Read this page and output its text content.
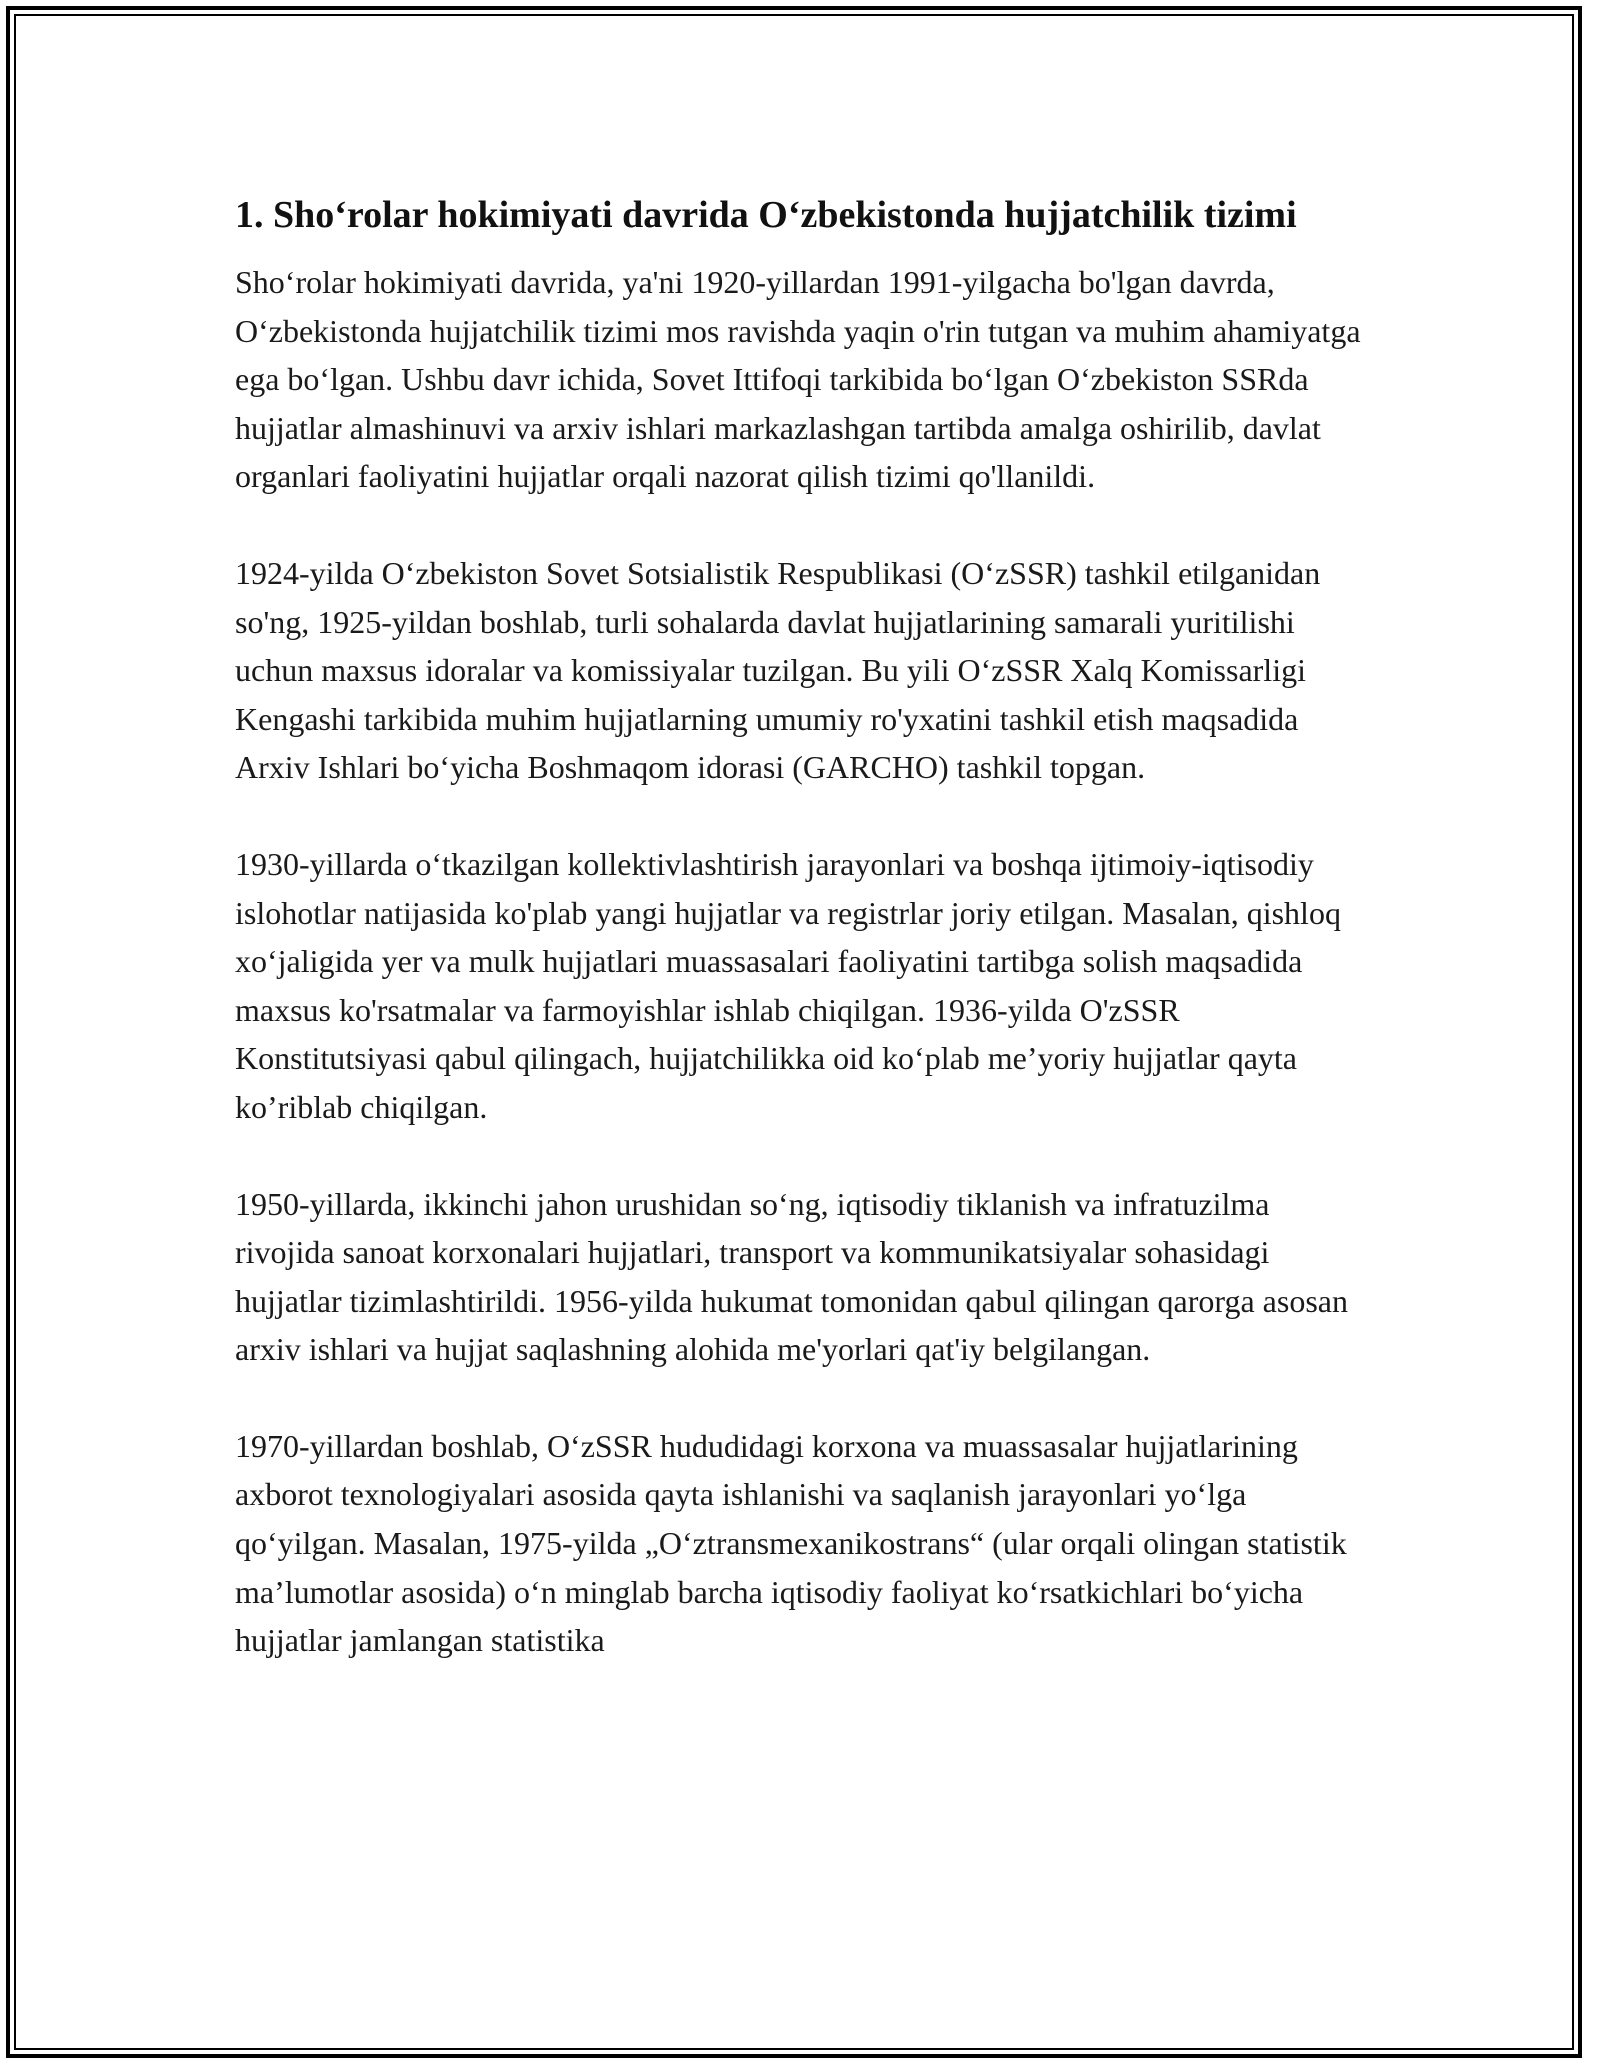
1. Sho‘rolar hokimiyati davrida O‘zbekistonda hujjatchilik tizimi

Sho‘rolar hokimiyati davrida, ya'ni 1920-yillardan 1991-yilgacha bo'lgan davrda, O‘zbekistonda hujjatchilik tizimi mos ravishda yaqin o'rin tutgan va muhim ahamiyatga ega bo‘lgan. Ushbu davr ichida, Sovet Ittifoqi tarkibida bo‘lgan O‘zbekiston SSRda hujjatlar almashinuvi va arxiv ishlari markazlashgan tartibda amalga oshirilib, davlat organlari faoliyatini hujjatlar orqali nazorat qilish tizimi qo'llanildi.

1924-yilda O‘zbekiston Sovet Sotsialistik Respublikasi (O‘zSSR) tashkil etilganidan so'ng, 1925-yildan boshlab, turli sohalarda davlat hujjatlarining samarali yuritilishi uchun maxsus idoralar va komissiyalar tuzilgan. Bu yili O‘zSSR Xalq Komissarligi Kengashi tarkibida muhim hujjatlarning umumiy ro'yxatini tashkil etish maqsadida Arxiv Ishlari bo‘yicha Boshmaqom idorasi (GARCHO) tashkil topgan.

1930-yillarda o‘tkazilgan kollektivlashtirish jarayonlari va boshqa ijtimoiy-iqtisodiy islohotlar natijasida ko'plab yangi hujjatlar va registrlar joriy etilgan. Masalan, qishloq xo‘jaligida yer va mulk hujjatlari muassasalari faoliyatini tartibga solish maqsadida maxsus ko'rsatmalar va farmoyishlar ishlab chiqilgan. 1936-yilda O'zSSR Konstitutsiyasi qabul qilingach, hujjatchilikka oid ko‘plab me’yoriy hujjatlar qayta ko’riblab chiqilgan.

1950-yillarda, ikkinchi jahon urushidan so‘ng, iqtisodiy tiklanish va infratuzilma rivojida sanoat korxonalari hujjatlari, transport va kommunikatsiyalar sohasidagi hujjatlar tizimlashtirildi. 1956-yilda hukumat tomonidan qabul qilingan qarorga asosan arxiv ishlari va hujjat saqlashning alohida me'yorlari qat'iy belgilangan.

1970-yillardan boshlab, O‘zSSR hududidagi korxona va muassasalar hujjatlarining axborot texnologiyalari asosida qayta ishlanishi va saqlanish jarayonlari yo‘lga qo‘yilgan. Masalan, 1975-yilda „O‘ztransmexanikostrans“ (ular orqali olingan statistik ma’lumotlar asosida) o‘n minglab barcha iqtisodiy faoliyat ko‘rsatkichlari bo‘yicha hujjatlar jamlangan statistika
